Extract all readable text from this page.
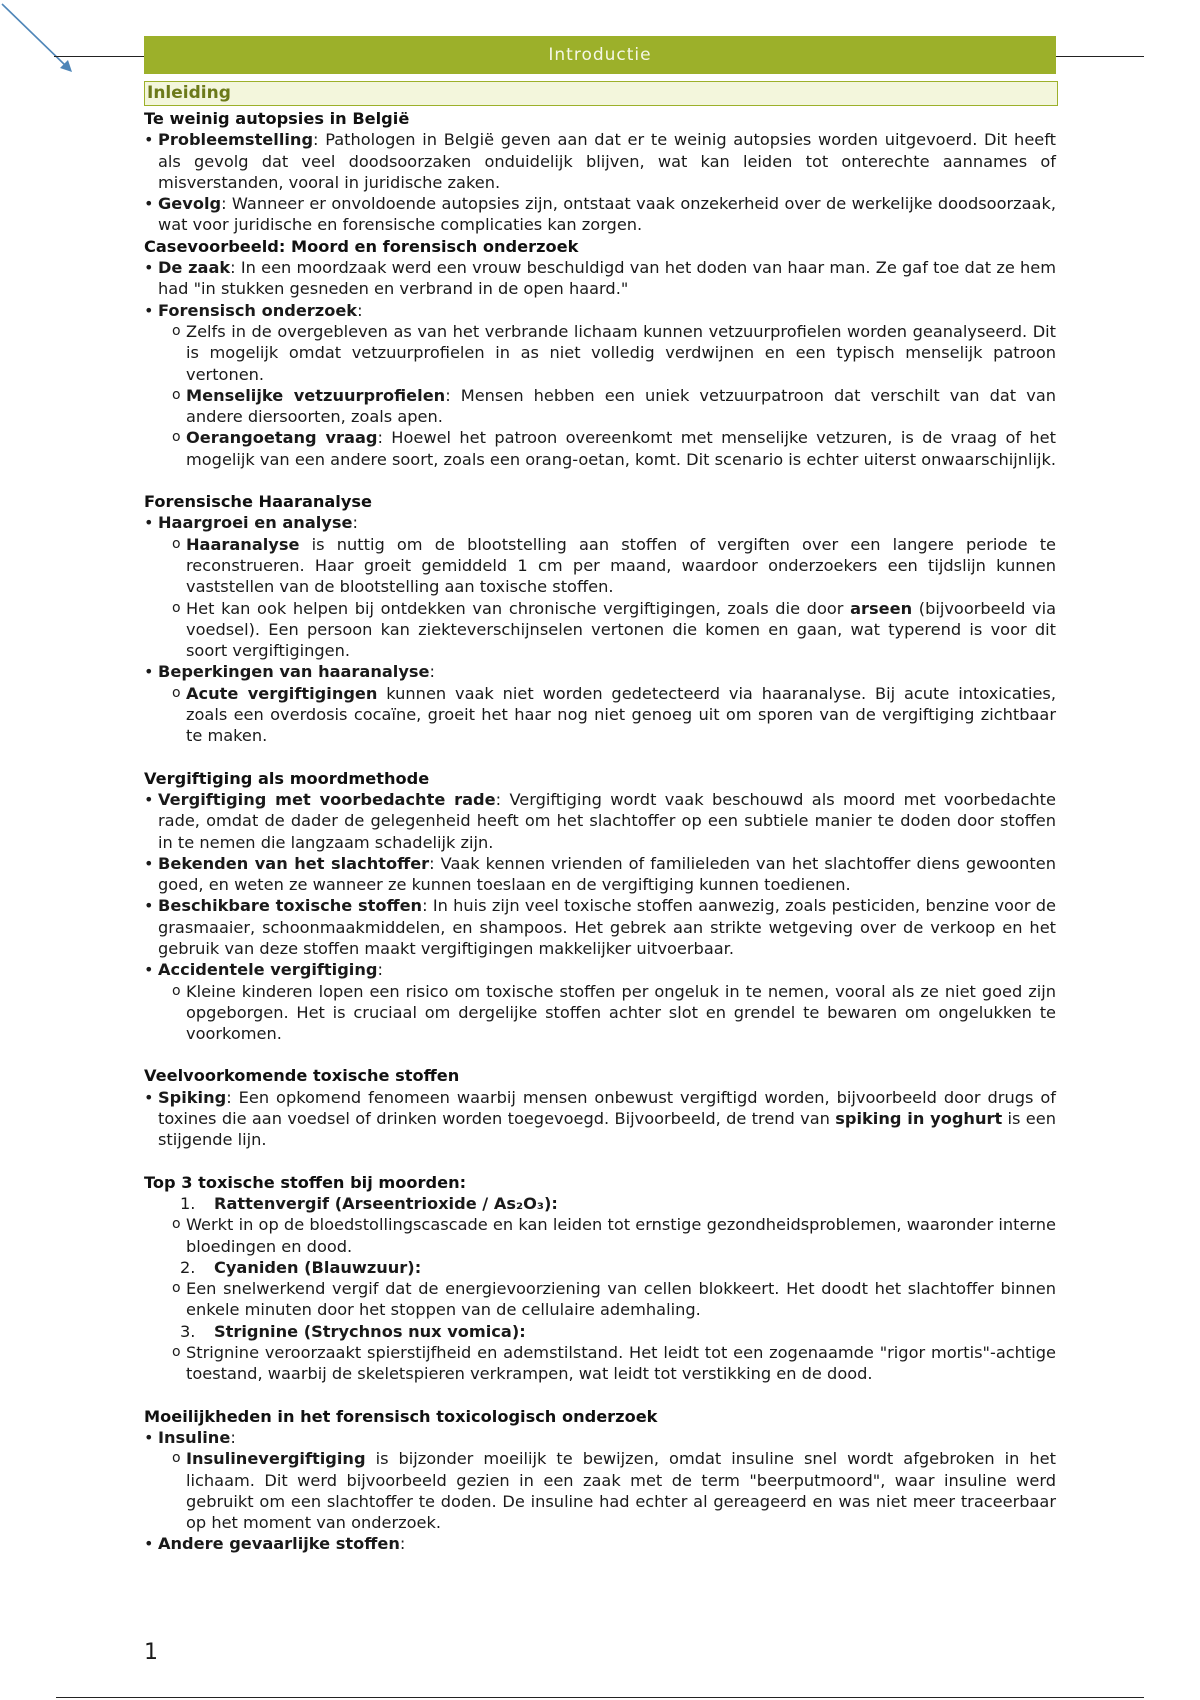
Introductie
Inleiding

Te weinig autopsies in België

• Probleemstelling: Pathologen in België geven aan dat er te weinig autopsies worden uitgevoerd. Dit heeft als gevolg dat veel doodsoorzaken onduidelijk blijven, wat kan leiden tot onterechte aannames of misverstanden, vooral in juridische zaken.
• Gevolg: Wanneer er onvoldoende autopsies zijn, ontstaat vaak onzekerheid over de werkelijke doodsoorzaak, wat voor juridische en forensische complicaties kan zorgen.

Casevoorbeeld: Moord en forensisch onderzoek

• De zaak: In een moordzaak werd een vrouw beschuldigd van het doden van haar man. Ze gaf toe dat ze hem had "in stukken gesneden en verbrand in de open haard."
• Forensisch onderzoek:
o Zelfs in de overgebleven as van het verbrande lichaam kunnen vetzuurprofielen worden geanalyseerd. Dit is mogelijk omdat vetzuurprofielen in as niet volledig verdwijnen en een typisch menselijk patroon vertonen.
o Menselijke vetzuurprofielen: Mensen hebben een uniek vetzuurpatroon dat verschilt van dat van andere diersoorten, zoals apen.
o Oerangoetang vraag: Hoewel het patroon overeenkomt met menselijke vetzuren, is de vraag of het mogelijk van een andere soort, zoals een orang-oetan, komt. Dit scenario is echter uiterst onwaarschijnlijk.

Forensische Haaranalyse

• Haargroei en analyse:
o Haaranalyse is nuttig om de blootstelling aan stoffen of vergiften over een langere periode te reconstrueren. Haar groeit gemiddeld 1 cm per maand, waardoor onderzoekers een tijdslijn kunnen vaststellen van de blootstelling aan toxische stoffen.
o Het kan ook helpen bij ontdekken van chronische vergiftigingen, zoals die door arseen (bijvoorbeeld via voedsel). Een persoon kan ziekteverschijnselen vertonen die komen en gaan, wat typerend is voor dit soort vergiftigingen.
• Beperkingen van haaranalyse:
o Acute vergiftigingen kunnen vaak niet worden gedetecteerd via haaranalyse. Bij acute intoxicaties, zoals een overdosis cocaïne, groeit het haar nog niet genoeg uit om sporen van de vergiftiging zichtbaar te maken.

Vergiftiging als moordmethode

• Vergiftiging met voorbedachte rade: Vergiftiging wordt vaak beschouwd als moord met voorbedachte rade, omdat de dader de gelegenheid heeft om het slachtoffer op een subtiele manier te doden door stoffen in te nemen die langzaam schadelijk zijn.
• Bekenden van het slachtoffer: Vaak kennen vrienden of familieleden van het slachtoffer diens gewoonten goed, en weten ze wanneer ze kunnen toeslaan en de vergiftiging kunnen toedienen.
• Beschikbare toxische stoffen: In huis zijn veel toxische stoffen aanwezig, zoals pesticiden, benzine voor de grasmaaier, schoonmaakmiddelen, en shampoos. Het gebrek aan strikte wetgeving over de verkoop en het gebruik van deze stoffen maakt vergiftigingen makkelijker uitvoerbaar.
• Accidentele vergiftiging:
o Kleine kinderen lopen een risico om toxische stoffen per ongeluk in te nemen, vooral als ze niet goed zijn opgeborgen. Het is cruciaal om dergelijke stoffen achter slot en grendel te bewaren om ongelukken te voorkomen.

Veelvoorkomende toxische stoffen

• Spiking: Een opkomend fenomeen waarbij mensen onbewust vergiftigd worden, bijvoorbeeld door drugs of toxines die aan voedsel of drinken worden toegevoegd. Bijvoorbeeld, de trend van spiking in yoghurt is een stijgende lijn.

Top 3 toxische stoffen bij moorden:

1. Rattenvergif (Arseentrioxide / As₂O₃):
o Werkt in op de bloedstollingscascade en kan leiden tot ernstige gezondheidsproblemen, waaronder interne bloedingen en dood.
2. Cyaniden (Blauwzuur):
o Een snelwerkend vergif dat de energievoorziening van cellen blokkeert. Het doodt het slachtoffer binnen enkele minuten door het stoppen van de cellulaire ademhaling.
3. Strignine (Strychnos nux vomica):
o Strignine veroorzaakt spierstijfheid en ademstilstand. Het leidt tot een zogenaamde "rigor mortis"-achtige toestand, waarbij de skeletspieren verkrampen, wat leidt tot verstikking en de dood.

Moeilijkheden in het forensisch toxicologisch onderzoek

• Insuline:
o Insulinevergiftiging is bijzonder moeilijk te bewijzen, omdat insuline snel wordt afgebroken in het lichaam. Dit werd bijvoorbeeld gezien in een zaak met de term "beerputmoord", waar insuline werd gebruikt om een slachtoffer te doden. De insuline had echter al gereageerd en was niet meer traceerbaar op het moment van onderzoek.
• Andere gevaarlijke stoffen:
1
